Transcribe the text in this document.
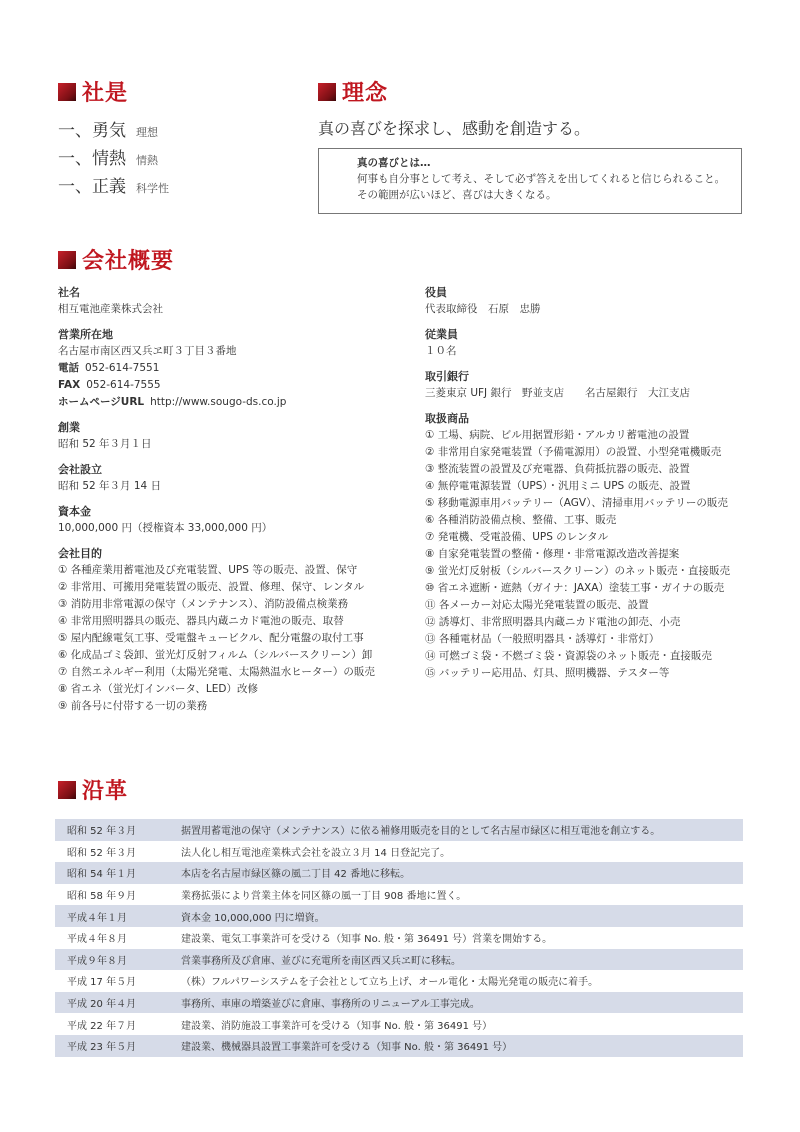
社是
一、勇気 理想
一、情熱 情熱
一、正義 科学性
理念
真の喜びを探求し、感動を創造する。
真の喜びとは…
何事も自分事として考え、そして必ず答えを出してくれると信じられること。
その範囲が広いほど、喜びは大きくなる。
会社概要
社名
相互電池産業株式会社
営業所在地
名古屋市南区西又兵ヱ町３丁目３番地
電話 052-614-7551
FAX 052-614-7555
ホームページURL http://www.sougo-ds.co.jp
創業
昭和 52 年３月１日
会社設立
昭和 52 年３月 14 日
資本金
10,000,000 円（授権資本 33,000,000 円）
会社目的
① 各種産業用蓄電池及び充電装置、UPS 等の販売、設置、保守
② 非常用、可搬用発電装置の販売、設置、修理、保守、レンタル
③ 消防用非常電源の保守（メンテナンス）、消防設備点検業務
④ 非常用照明器具の販売、器具内蔵ニカド電池の販売、取替
⑤ 屋内配線電気工事、受電盤キュービクル、配分電盤の取付工事
⑥ 化成品ゴミ袋卸、蛍光灯反射フィルム（シルバースクリーン）卸
⑦ 自然エネルギー利用（太陽光発電、太陽熱温水ヒーター）の販売
⑧ 省エネ（蛍光灯インバータ、LED）改修
⑨ 前各号に付帯する一切の業務
役員
代表取締役　石原　忠勝
従業員
１０名
取引銀行
三菱東京 UFJ 銀行　野並支店　　名古屋銀行　大江支店
取扱商品
① 工場、病院、ビル用据置形鉛・アルカリ蓄電池の設置
② 非常用自家発電装置（予備電源用）の設置、小型発電機販売
③ 整流装置の設置及び充電器、負荷抵抗器の販売、設置
④ 無停電電源装置（UPS）・汎用ミニ UPS の販売、設置
⑤ 移動電源車用バッテリー（AGV）、清掃車用バッテリーの販売
⑥ 各種消防設備点検、整備、工事、販売
⑦ 発電機、受電設備、UPS のレンタル
⑧ 自家発電装置の整備・修理・非常電源改造改善提案
⑨ 蛍光灯反射板（シルバースクリーン）のネット販売・直接販売
⑩ 省エネ遮断・遮熱（ガイナ：JAXA）塗装工事・ガイナの販売
⑪ 各メーカー対応太陽光発電装置の販売、設置
⑫ 誘導灯、非常照明器具内蔵ニカド電池の卸売、小売
⑬ 各種電材品（一般照明器具・誘導灯・非常灯）
⑭ 可燃ゴミ袋・不燃ゴミ袋・資源袋のネット販売・直接販売
⑮ バッテリー応用品、灯具、照明機器、テスター等
沿革
昭和 52 年３月	据置用蓄電池の保守（メンテナンス）に依る補修用販売を目的として名古屋市緑区に相互電池を創立する。
昭和 52 年３月	法人化し相互電池産業株式会社を設立３月 14 日登記完了。
昭和 54 年１月	本店を名古屋市緑区篠の風二丁目 42 番地に移転。
昭和 58 年９月	業務拡張により営業主体を同区篠の風一丁目 908 番地に置く。
平成４年１月	資本金 10,000,000 円に増資。
平成４年８月	建設業、電気工事業許可を受ける（知事 No. 般・第 36491 号）営業を開始する。
平成９年８月	営業事務所及び倉庫、並びに充電所を南区西又兵ヱ町に移転。
平成 17 年５月	（株）フルパワーシステムを子会社として立ち上げ、オール電化・太陽光発電の販売に着手。
平成 20 年４月	事務所、車庫の増築並びに倉庫、事務所のリニューアル工事完成。
平成 22 年７月	建設業、消防施設工事業許可を受ける（知事 No. 般・第 36491 号）
平成 23 年５月	建設業、機械器具設置工事業許可を受ける（知事 No. 般・第 36491 号）
